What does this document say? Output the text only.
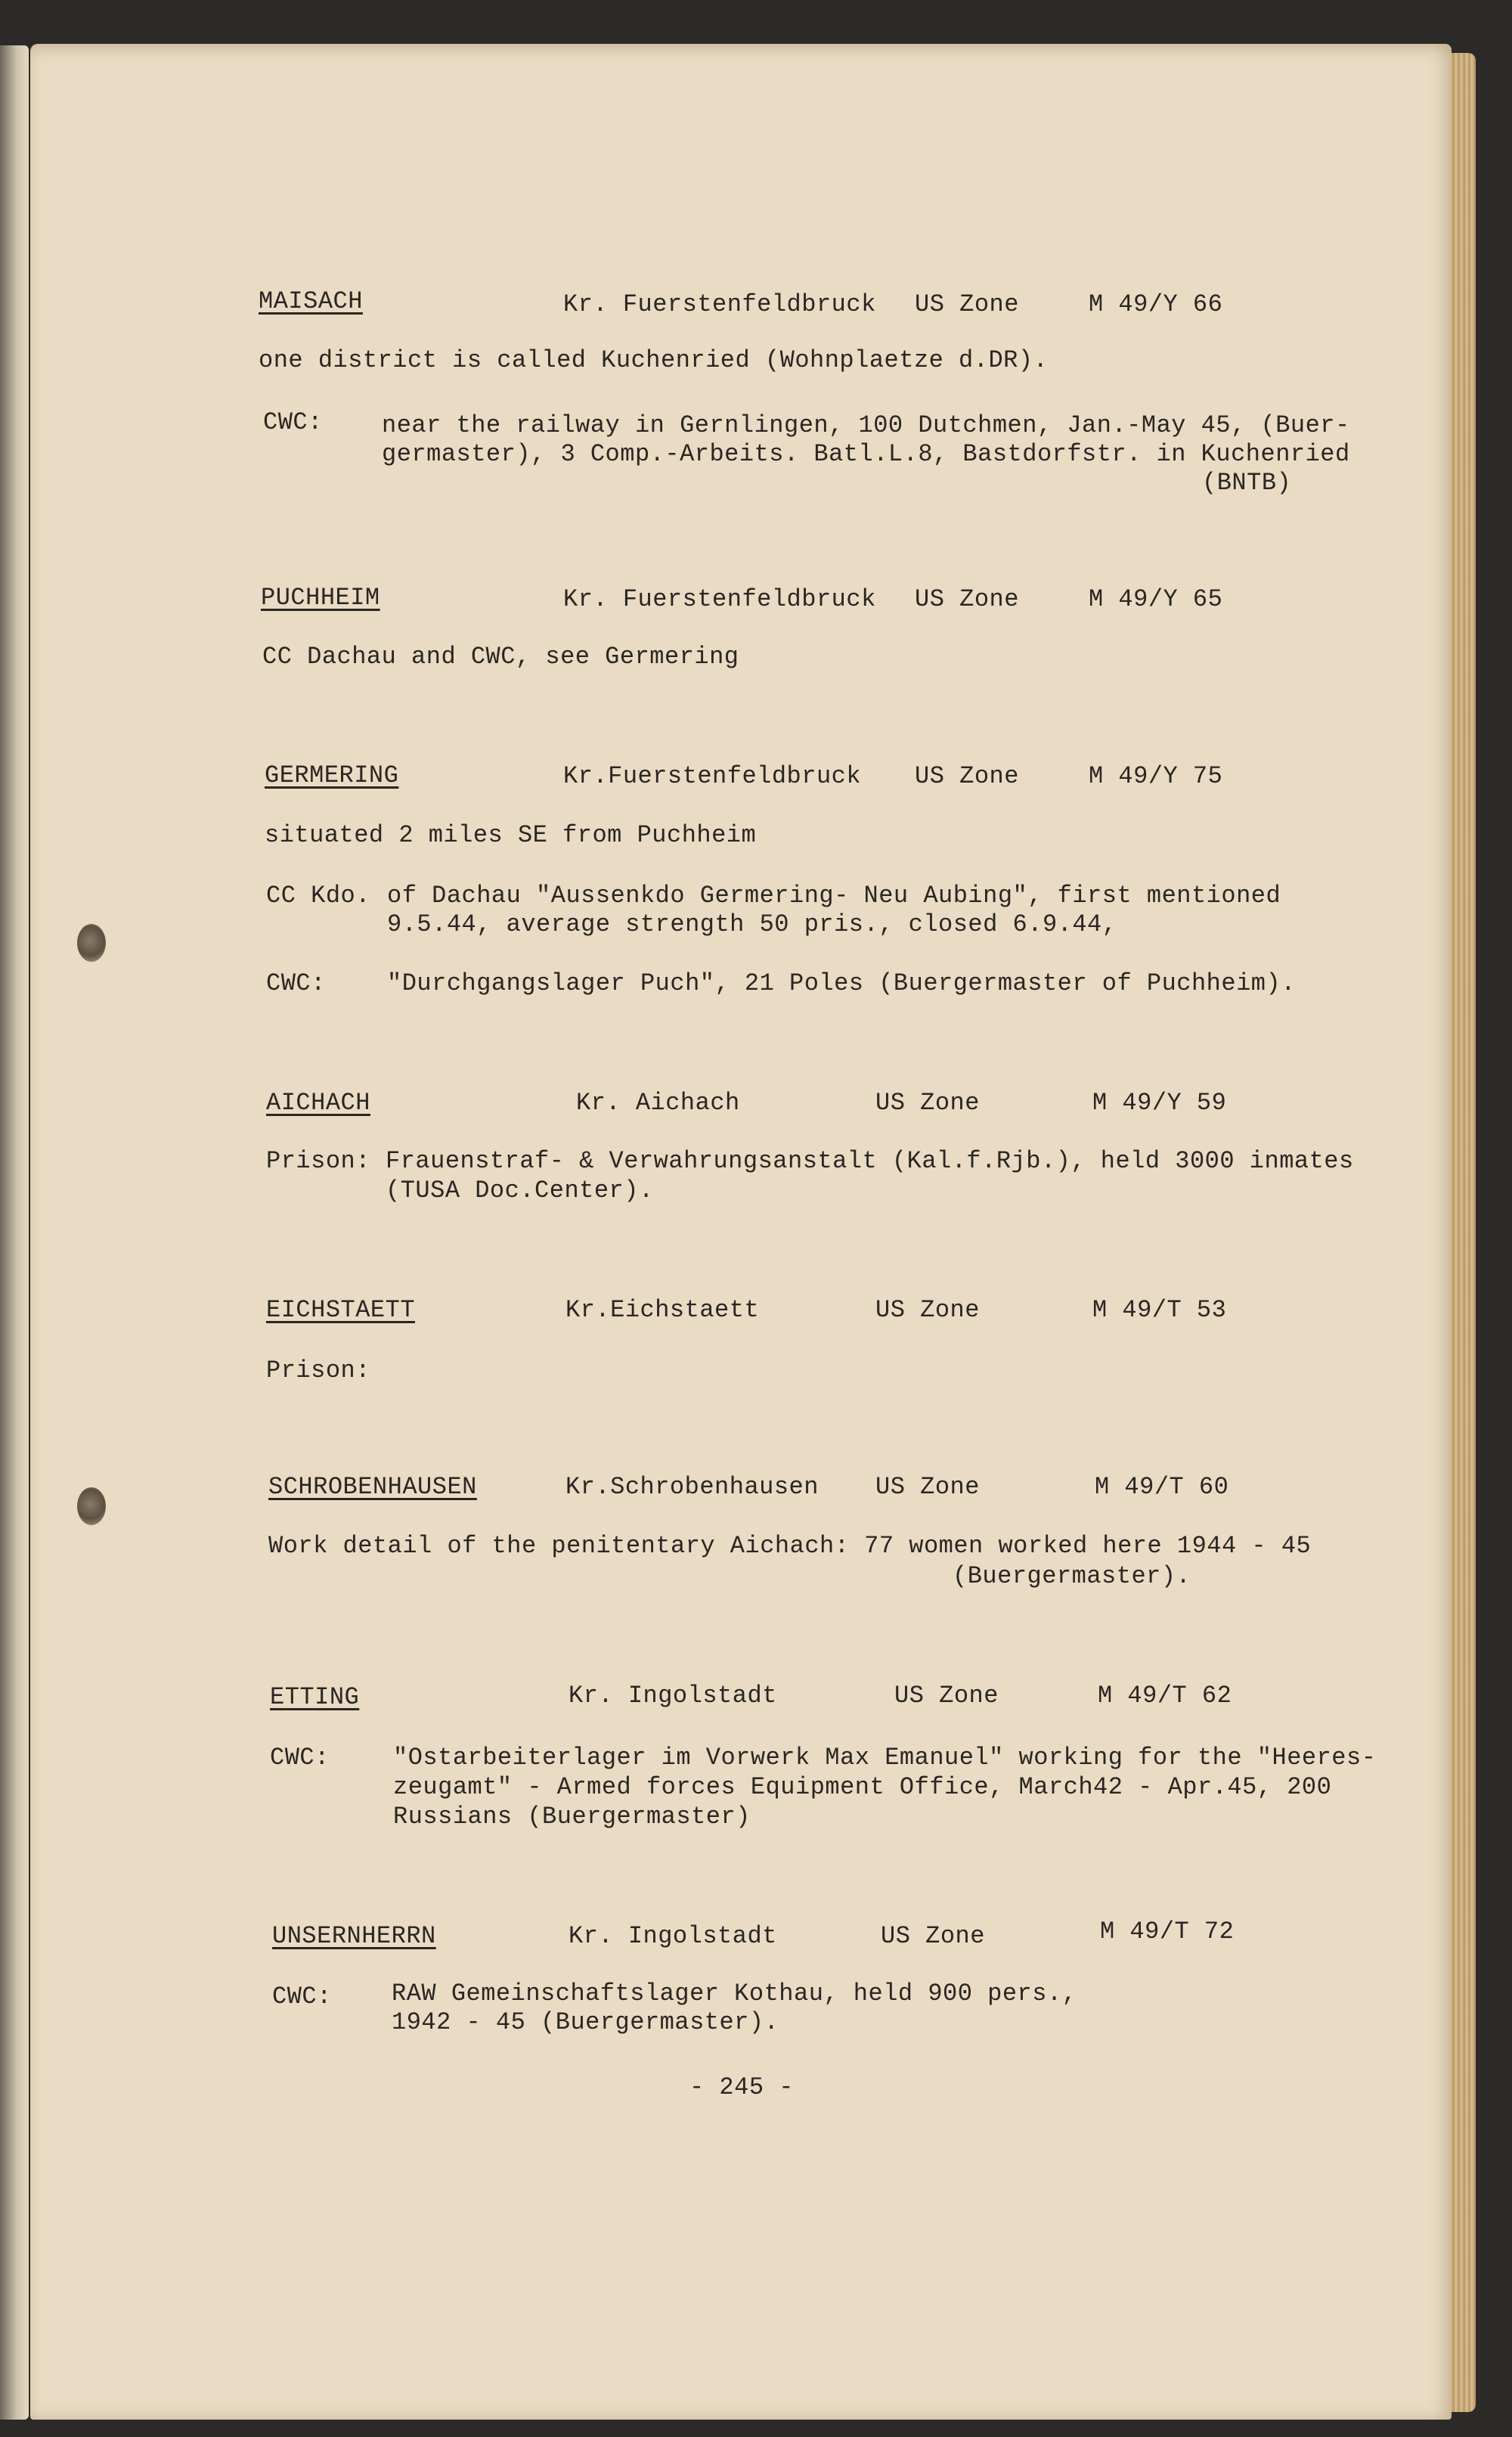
MAISACH	Kr. Fuerstenfeldbruck US Zone	M 49/Y 66

one district is called Kuchenried (Wohnplaetze d.DR).

CWC: near the railway in Gernlingen, 100 Dutchmen, Jan.-May 45, (Buer-

germaster), 3 Comp.-Arbeits. Batl.L.8, Bastdorfstr. in Kuchenried

(BNTB)

PUCHHEIM	Kr. Fuerstenfeldbruck US Zone	M 49/Y 65

CC Dachau and CWC, see Germering

GERMERING	Kr.Fuerstenfeldbruck US Zone	M 49/Y 75

situated 2 miles SE from Puchheim

CC Kdo. of Dachau "Aussenkdo Germering- Neu Aubing", first mentioned

9.5.44, average strength 50 pris., closed 6.9.44,

CWC:	"Durchgangslager Puch", 21 Poles (Buergermaster of Puchheim).

AICHACH	Kr. Aichach	US Zone	M 49/Y 59

Prison: Frauenstraf- & Verwahrungsanstalt (Kal.f.Rjb.), held 3000 inmates

(TUSA Doc.Center).

EICHSTAETT	Kr.Eichstaett	US Zone	M 49/T 53

Prison:

SCHROBENHAUSEN	Kr.Schrobenhausen US Zone	M 49/T 60

Work detail of the penitentary Aichach: 77 women worked here 1944 - 45

(Buergermaster).

ETTING	Kr. Ingolstadt	US Zone	M 49/T 62

CWC:	"Ostarbeiterlager im Vorwerk Max Emanuel" working for the "Heeres-

zeugamt" - Armed forces Equipment Office, March42 - Apr.45, 200

Russians (Buergermaster)

UNSERNHERRN	Kr. Ingolstadt	US Zone	M 49/T 72

CWC: RAW Gemeinschaftslager Kothau, held 900 pers.,

1942 - 45 (Buergermaster).

- 245 -
